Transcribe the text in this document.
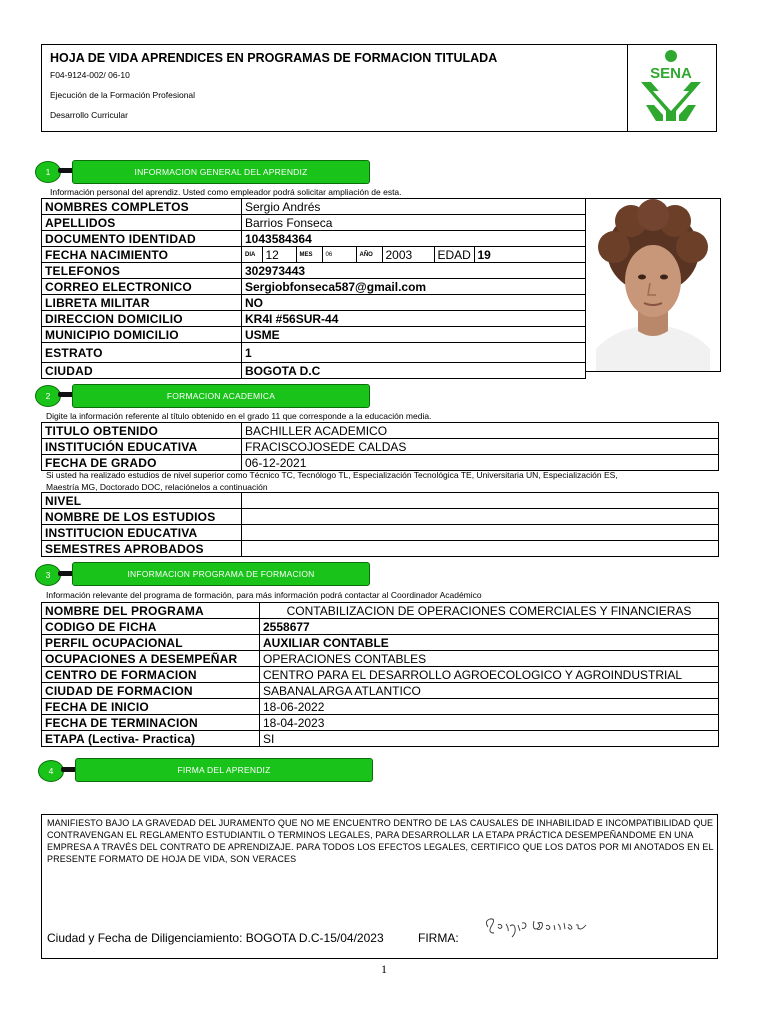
HOJA DE VIDA APRENDICES EN PROGRAMAS DE FORMACION TITULADA
F04-9124-002/ 06-10
Ejecución de la Formación Profesional
Desarrollo Curricular
SENA
1	INFORMACION GENERAL DEL APRENDIZ
Información personal del aprendiz. Usted como empleador podrá solicitar ampliación de esta.
NOMBRES COMPLETOS	Sergio Andrés
APELLIDOS	Barrios Fonseca
DOCUMENTO IDENTIDAD	1043584364
FECHA NACIMIENTO		DIA	12	MES	06	AÑO	2003	EDAD	19

TELEFONOS	302973443
CORREO ELECTRONICO	Sergiobfonseca587@gmail.com
LIBRETA MILITAR	NO
DIRECCION DOMICILIO	KR4I #56SUR-44
MUNICIPIO DOMICILIO	USME
ESTRATO	1
CIUDAD	BOGOTA D.C
2	FORMACION ACADEMICA
Digite la información referente al título obtenido en el grado 11 que corresponde a la educación media.
TITULO OBTENIDO	BACHILLER ACADEMICO
INSTITUCIÓN EDUCATIVA	FRACISCOJOSEDE CALDAS
FECHA DE GRADO	06-12-2021
Si usted ha realizado estudios de nivel superior como Técnico TC, Tecnólogo TL, Especialización Tecnológica TE, Universitaria UN, Especialización ES,
Maestría MG, Doctorado DOC, relaciónelos a continuación
NIVEL	
NOMBRE DE LOS ESTUDIOS	
INSTITUCION EDUCATIVA	
SEMESTRES APROBADOS	
3	INFORMACION PROGRAMA DE FORMACION
Información relevante del programa de formación, para más información podrá contactar al Coordinador Académico
NOMBRE DEL PROGRAMA	CONTABILIZACION DE OPERACIONES COMERCIALES Y FINANCIERAS
CODIGO DE FICHA	2558677
PERFIL OCUPACIONAL	AUXILIAR CONTABLE
OCUPACIONES A DESEMPEÑAR	OPERACIONES CONTABLES
CENTRO DE FORMACION	CENTRO PARA EL DESARROLLO AGROECOLOGICO Y AGROINDUSTRIAL
CIUDAD DE FORMACION	SABANALARGA ATLANTICO
FECHA DE INICIO	18-06-2022
FECHA DE TERMINACION	18-04-2023
ETAPA (Lectiva- Practica)	SI
4	FIRMA DEL APRENDIZ
MANIFIESTO BAJO LA GRAVEDAD DEL JURAMENTO QUE NO ME ENCUENTRO DENTRO DE LAS CAUSALES DE INHABILIDAD E INCOMPATIBILIDAD QUE CONTRAVENGAN EL REGLAMENTO ESTUDIANTIL O TERMINOS LEGALES, PARA DESARROLLAR LA ETAPA PRÁCTICA DESEMPEÑANDOME EN UNA EMPRESA A TRAVÉS DEL CONTRATO DE APRENDIZAJE. PARA TODOS LOS EFECTOS LEGALES, CERTIFICO QUE LOS DATOS POR MI ANOTADOS EN EL PRESENTE FORMATO DE HOJA DE VIDA, SON VERACES
Ciudad y Fecha de Diligenciamiento: BOGOTA D.C-15/04/2023	FIRMA:
1
